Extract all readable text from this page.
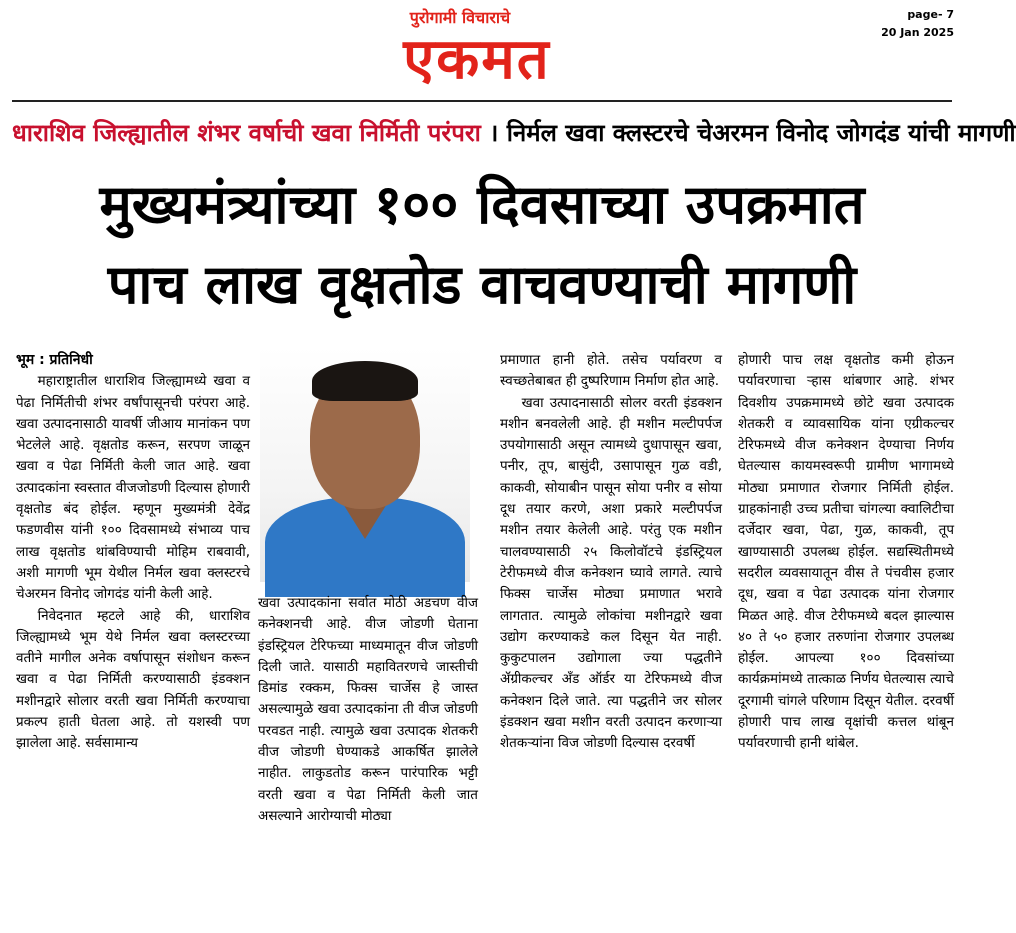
पुरोगामी विचाराचे
एकमत
page- 7
20 Jan 2025
धाराशिव जिल्ह्यातील शंभर वर्षाची खवा निर्मिती परंपरा । निर्मल खवा क्लस्टरचे चेअरमन विनोद जोगदंड यांची मागणी
मुख्यमंत्र्यांच्या १०० दिवसाच्या उपक्रमात
पाच लाख वृक्षतोड वाचवण्याची मागणी
भूम : प्रतिनिधी

महाराष्ट्रातील धाराशिव जिल्ह्यामध्ये खवा व पेढा निर्मितीची शंभर वर्षांपासूनची परंपरा आहे. खवा उत्पादनासाठी यावर्षी जीआय मानांकन पण भेटलेले आहे. वृक्षतोड करून, सरपण जाळून खवा व पेढा निर्मिती केली जात आहे. खवा उत्पादकांना स्वस्तात वीजजोडणी दिल्यास होणारी वृक्षतोड बंद होईल. म्हणून मुख्यमंत्री देवेंद्र फडणवीस यांनी १०० दिवसामध्ये संभाव्य पाच लाख वृक्षतोड थांबविण्याची मोहिम राबवावी, अशी मागणी भूम येथील निर्मल खवा क्लस्टरचे चेअरमन विनोद जोगदंड यांनी केली आहे.

निवेदनात म्हटले आहे की, धाराशिव जिल्ह्यामध्ये भूम येथे निर्मल खवा क्लस्टरच्या वतीने मागील अनेक वर्षापासून संशोधन करून खवा व पेढा निर्मिती करण्यासाठी इंडक्शन मशीनद्वारे सोलार वरती खवा निर्मिती करण्याचा प्रकल्प हाती घेतला आहे. तो यशस्वी पण झालेला आहे. सर्वसामान्य

खवा उत्पादकांना सर्वात मोठी अडचण वीज कनेक्शनची आहे. वीज जोडणी घेताना इंडस्ट्रियल टेरिफच्या माध्यमातून वीज जोडणी दिली जाते. यासाठी महावितरणचे जास्तीची डिमांड रक्कम, फिक्स चार्जेस हे जास्त असल्यामुळे खवा उत्पादकांना ती वीज जोडणी परवडत नाही. त्यामुळे खवा उत्पादक शेतकरी वीज जोडणी घेण्याकडे आकर्षित झालेले नाहीत. लाकुडतोड करून पारंपारिक भट्टी वरती खवा व पेढा निर्मिती केली जात असल्याने आरोग्याची मोठ्या

प्रमाणात हानी होते. तसेच पर्यावरण व स्वच्छतेबाबत ही दुष्परिणाम निर्माण होत आहे.

खवा उत्पादनासाठी सोलर वरती इंडक्शन मशीन बनवलेली आहे. ही मशीन मल्टीपर्पज उपयोगासाठी असून त्यामध्ये दुधापासून खवा, पनीर, तूप, बासुंदी, उसापासून गुळ वडी, काकवी, सोयाबीन पासून सोया पनीर व सोया दूध तयार करणे, अशा प्रकारे मल्टीपर्पज मशीन तयार केलेली आहे. परंतु एक मशीन चालवण्यासाठी २५ किलोवॉटचे इंडस्ट्रियल टेरीफमध्ये वीज कनेक्शन घ्यावे लागते. त्याचे फिक्स चार्जेस मोठ्या प्रमाणात भरावे लागतात. त्यामुळे लोकांचा मशीनद्वारे खवा उद्योग करण्याकडे कल दिसून येत नाही. कुकुटपालन उद्योगाला ज्या पद्धतीने ॲग्रीकल्चर ॲंड ऑर्डर या टेरिफमध्ये वीज कनेक्शन दिले जाते. त्या पद्धतीने जर सोलर इंडक्शन खवा मशीन वरती उत्पादन करणाऱ्या शेतकऱ्यांना विज जोडणी दिल्यास दरवर्षी

होणारी पाच लक्ष वृक्षतोड कमी होऊन पर्यावरणाचा ऱ्हास थांबणार आहे. शंभर दिवशीय उपक्रमामध्ये छोटे खवा उत्पादक शेतकरी व व्यावसायिक यांना एग्रीकल्चर टेरिफमध्ये वीज कनेक्शन देण्याचा निर्णय घेतल्यास कायमस्वरूपी ग्रामीण भागामध्ये मोठ्या प्रमाणात रोजगार निर्मिती होईल. ग्राहकांनाही उच्च प्रतीचा चांगल्या क्वालिटीचा दर्जेदार खवा, पेढा, गुळ, काकवी, तूप खाण्यासाठी उपलब्ध होईल. सद्यस्थितीमध्ये सदरील व्यवसायातून वीस ते पंचवीस हजार दूध, खवा व पेढा उत्पादक यांना रोजगार मिळत आहे. वीज टेरीफमध्ये बदल झाल्यास ४० ते ५० हजार तरुणांना रोजगार उपलब्ध होईल. आपल्या १०० दिवसांच्या कार्यक्रमांमध्ये तात्काळ निर्णय घेतल्यास त्याचे दूरगामी चांगले परिणाम दिसून येतील. दरवर्षी होणारी पाच लाख वृक्षांची कत्तल थांबून पर्यावरणाची हानी थांबेल.
